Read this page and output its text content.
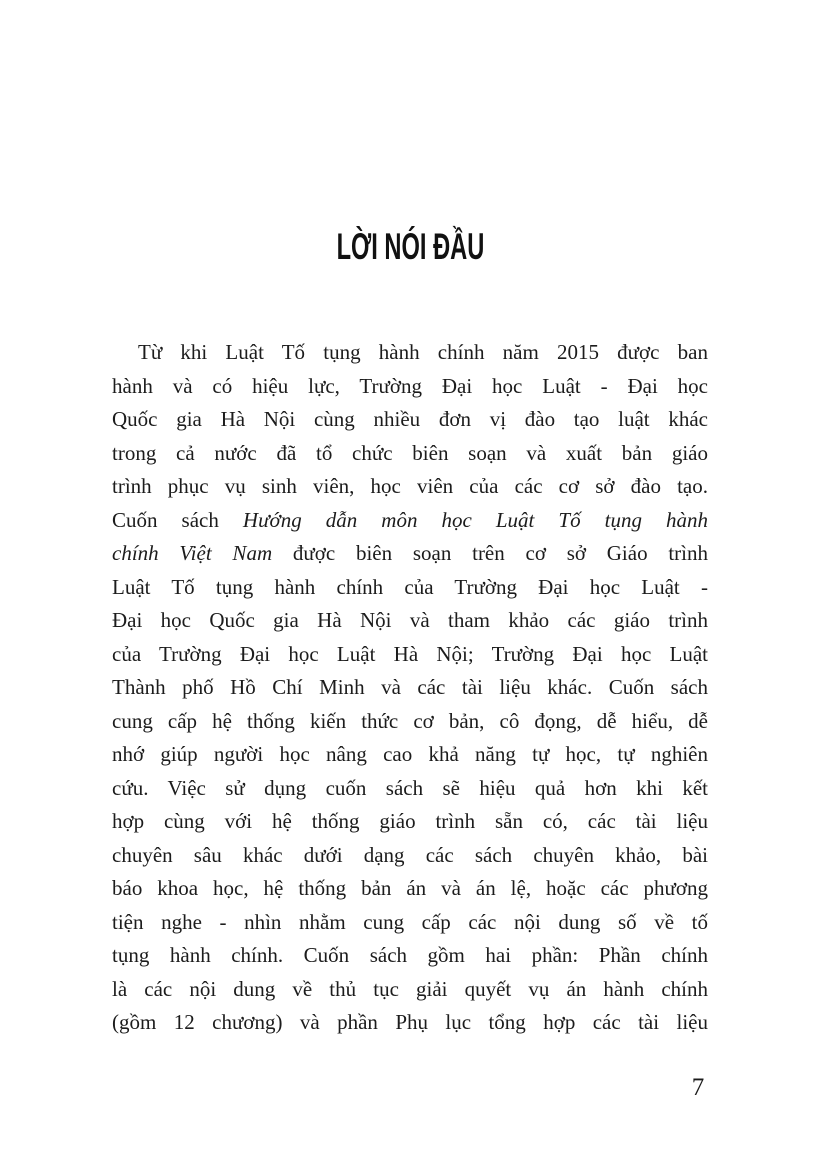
LỜI NÓI ĐẦU
Từ khi Luật Tố tụng hành chính năm 2015 được ban
hành và có hiệu lực, Trường Đại học Luật - Đại học
Quốc gia Hà Nội cùng nhiều đơn vị đào tạo luật khác
trong cả nước đã tổ chức biên soạn và xuất bản giáo
trình phục vụ sinh viên, học viên của các cơ sở đào tạo.
Cuốn sách Hướng dẫn môn học Luật Tố tụng hành
chính Việt Nam được biên soạn trên cơ sở Giáo trình
Luật Tố tụng hành chính của Trường Đại học Luật -
Đại học Quốc gia Hà Nội và tham khảo các giáo trình
của Trường Đại học Luật Hà Nội; Trường Đại học Luật
Thành phố Hồ Chí Minh và các tài liệu khác. Cuốn sách
cung cấp hệ thống kiến thức cơ bản, cô đọng, dễ hiểu, dễ
nhớ giúp người học nâng cao khả năng tự học, tự nghiên
cứu. Việc sử dụng cuốn sách sẽ hiệu quả hơn khi kết
hợp cùng với hệ thống giáo trình sẵn có, các tài liệu
chuyên sâu khác dưới dạng các sách chuyên khảo, bài
báo khoa học, hệ thống bản án và án lệ, hoặc các phương
tiện nghe - nhìn nhằm cung cấp các nội dung số về tố
tụng hành chính. Cuốn sách gồm hai phần: Phần chính
là các nội dung về thủ tục giải quyết vụ án hành chính
(gồm 12 chương) và phần Phụ lục tổng hợp các tài liệu
7
